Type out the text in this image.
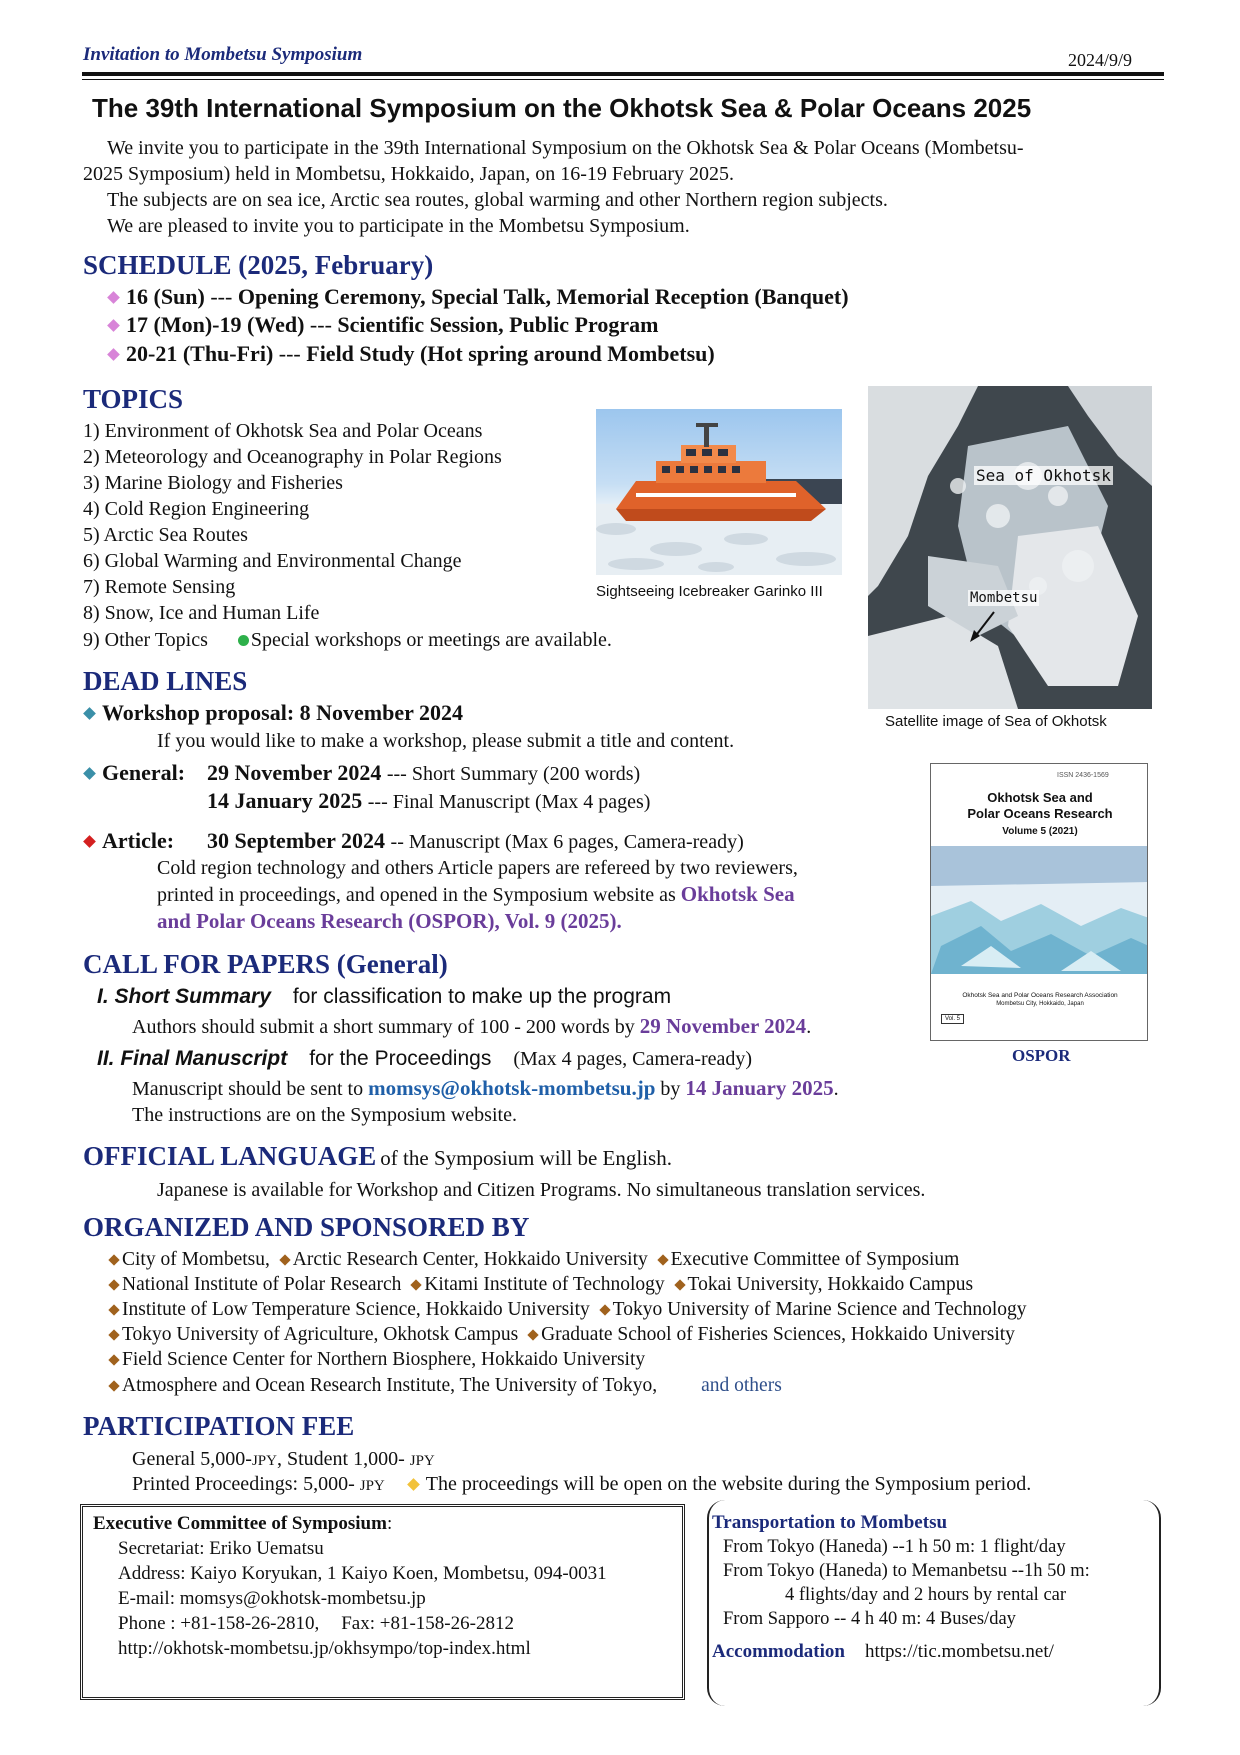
Invitation to Mombetsu Symposium	2024/9/9
The 39th International Symposium on the Okhotsk Sea & Polar Oceans 2025
We invite you to participate in the 39th International Symposium on the Okhotsk Sea & Polar Oceans (Mombetsu-
2025 Symposium) held in Mombetsu, Hokkaido, Japan, on 16-19 February 2025.
The subjects are on sea ice, Arctic sea routes, global warming and other Northern region subjects.
We are pleased to invite you to participate in the Mombetsu Symposium.
SCHEDULE (2025, February)
16 (Sun) --- Opening Ceremony, Special Talk, Memorial Reception (Banquet)
17 (Mon)-19 (Wed) --- Scientific Session, Public Program
20-21 (Thu-Fri) --- Field Study (Hot spring around Mombetsu)
TOPICS
1) Environment of Okhotsk Sea and Polar Oceans
2) Meteorology and Oceanography in Polar Regions
3) Marine Biology and Fisheries
4) Cold Region Engineering
5) Arctic Sea Routes
6) Global Warming and Environmental Change
7) Remote Sensing
8) Snow, Ice and Human Life
9) Other Topics Special workshops or meetings are available.
Sightseeing Icebreaker Garinko III
Sea of Okhotsk
Mombetsu
Satellite image of Sea of Okhotsk
DEAD LINES
Workshop proposal: 8 November 2024
If you would like to make a workshop, please submit a title and content.
General: 29 November 2024 --- Short Summary (200 words)
14 January 2025 --- Final Manuscript (Max 4 pages)
Article: 30 September 2024 -- Manuscript (Max 6 pages, Camera-ready)
Cold region technology and others Article papers are refereed by two reviewers,
printed in proceedings, and opened in the Symposium website as Okhotsk Sea
and Polar Oceans Research (OSPOR), Vol. 9 (2025).
ISSN 2436-1569
Okhotsk Sea and
Polar Oceans Research
Volume 5 (2021)
Okhotsk Sea and Polar Oceans Research Association
Mombetsu City, Hokkaido, Japan
Vol. 5
OSPOR
CALL FOR PAPERS (General)
I. Short Summary for classification to make up the program
Authors should submit a short summary of 100 - 200 words by 29 November 2024.
II. Final Manuscript for the Proceedings (Max 4 pages, Camera-ready)
Manuscript should be sent to momsys@okhotsk-mombetsu.jp by 14 January 2025.
The instructions are on the Symposium website.
OFFICIAL LANGUAGE of the Symposium will be English.
Japanese is available for Workshop and Citizen Programs. No simultaneous translation services.
ORGANIZED AND SPONSORED BY
City of Mombetsu, Arctic Research Center, Hokkaido University Executive Committee of Symposium
National Institute of Polar Research Kitami Institute of Technology Tokai University, Hokkaido Campus
Institute of Low Temperature Science, Hokkaido University Tokyo University of Marine Science and Technology
Tokyo University of Agriculture, Okhotsk Campus Graduate School of Fisheries Sciences, Hokkaido University
Field Science Center for Northern Biosphere, Hokkaido University
Atmosphere and Ocean Research Institute, The University of Tokyo, and others
PARTICIPATION FEE
General 5,000-JPY, Student 1,000- JPY
Printed Proceedings: 5,000- JPY The proceedings will be open on the website during the Symposium period.
Executive Committee of Symposium:
Secretariat: Eriko Uematsu
Address: Kaiyo Koryukan, 1 Kaiyo Koen, Mombetsu, 094-0031
E-mail: momsys@okhotsk-mombetsu.jp
Phone : +81-158-26-2810, Fax: +81-158-26-2812
http://okhotsk-mombetsu.jp/okhsympo/top-index.html
Transportation to Mombetsu
From Tokyo (Haneda) --1 h 50 m: 1 flight/day
From Tokyo (Haneda) to Memanbetsu --1h 50 m:
4 flights/day and 2 hours by rental car
From Sapporo -- 4 h 40 m: 4 Buses/day
Accommodation https://tic.mombetsu.net/
